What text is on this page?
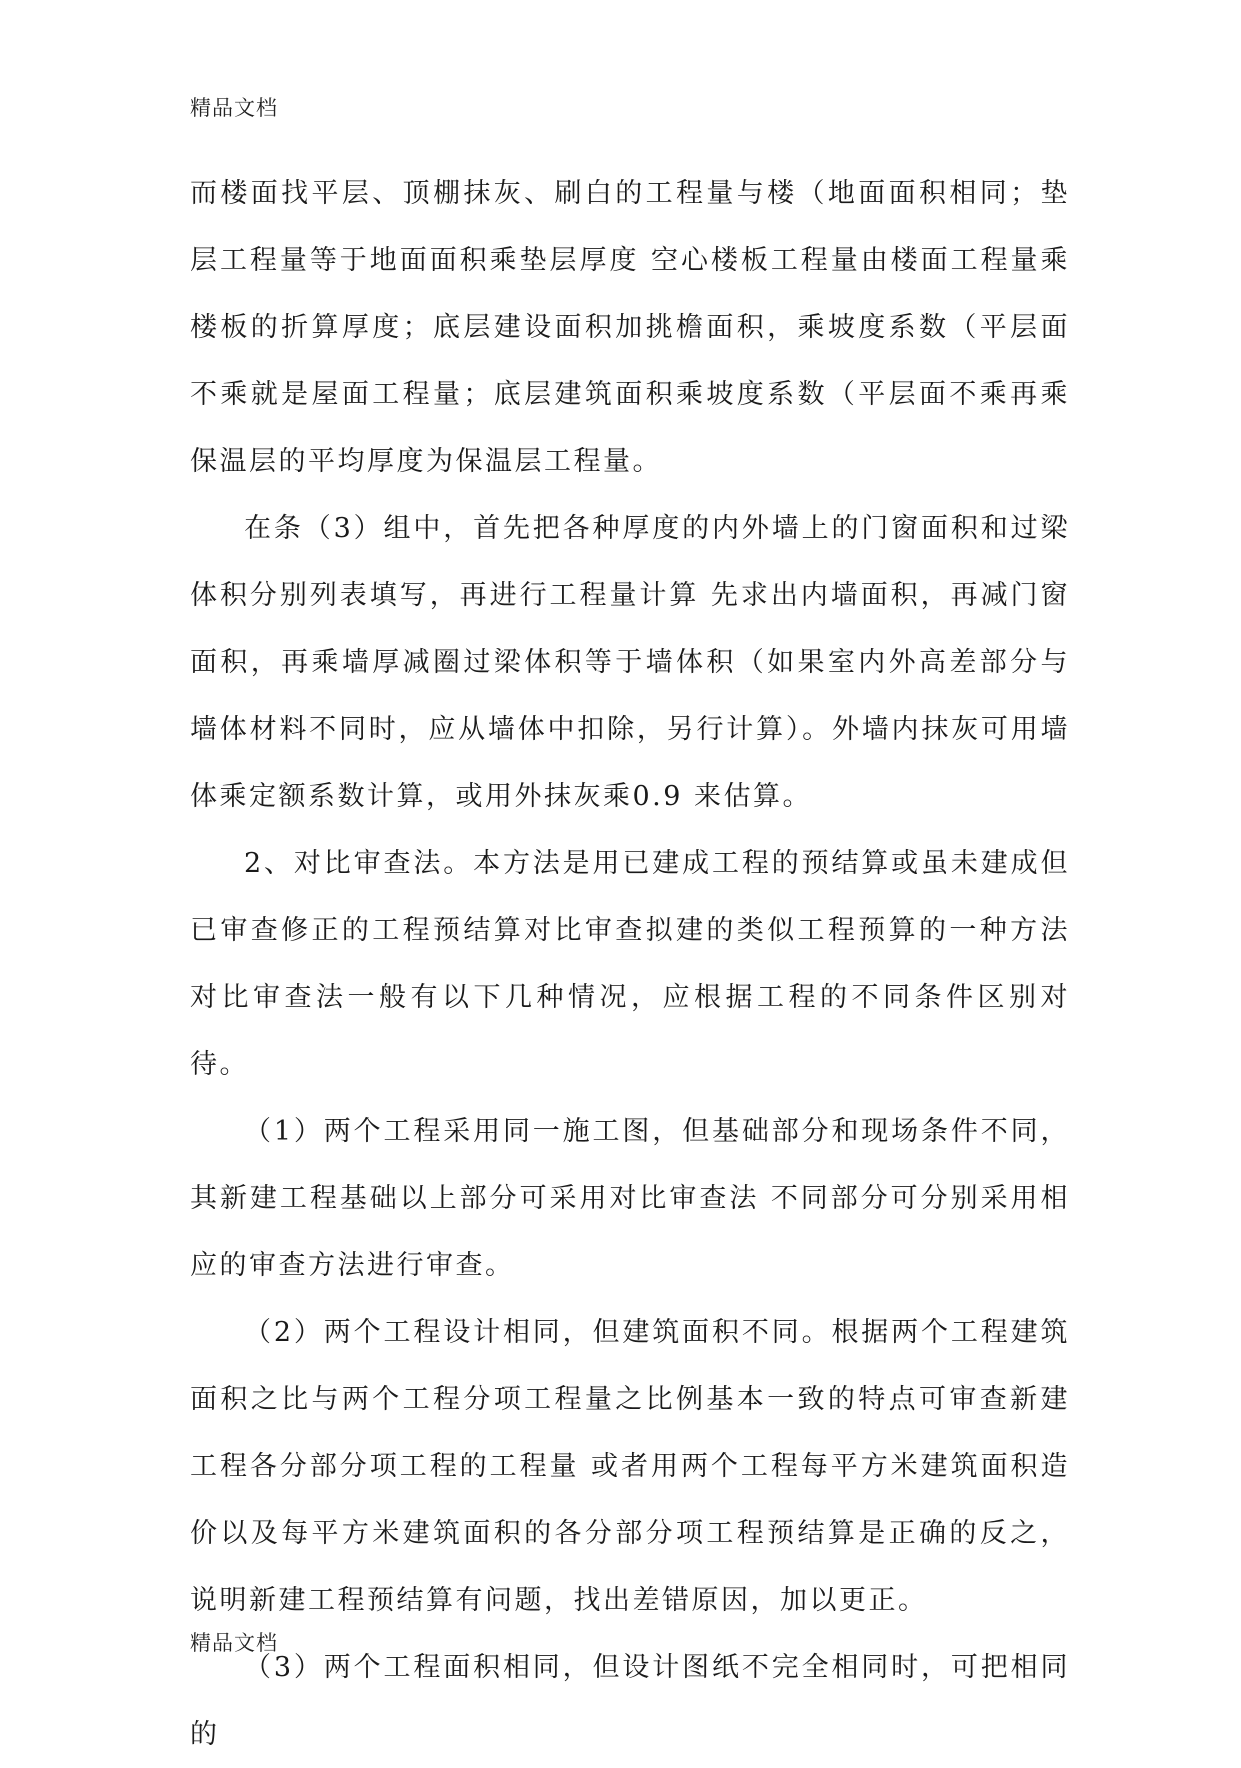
精品文档

而楼面找平层、顶棚抹灰、刷白的工程量与楼（地面面积相同；垫层工程量等于地面面积乘垫层厚度 空心楼板工程量由楼面工程量乘楼板的折算厚度；底层建设面积加挑檐面积，乘坡度系数（平层面不乘就是屋面工程量；底层建筑面积乘坡度系数（平层面不乘再乘保温层的平均厚度为保温层工程量。

在条（3）组中，首先把各种厚度的内外墙上的门窗面积和过梁体积分别列表填写，再进行工程量计算 先求出内墙面积，再减门窗面积，再乘墙厚减圈过梁体积等于墙体积（如果室内外高差部分与墙体材料不同时，应从墙体中扣除，另行计算）。外墙内抹灰可用墙体乘定额系数计算，或用外抹灰乘0.9 来估算。

2、对比审查法。本方法是用已建成工程的预结算或虽未建成但已审查修正的工程预结算对比审查拟建的类似工程预算的一种方法 对比审查法一般有以下几种情况，应根据工程的不同条件区别对待。

（1）两个工程采用同一施工图，但基础部分和现场条件不同，其新建工程基础以上部分可采用对比审查法 不同部分可分别采用相应的审查方法进行审查。

（2）两个工程设计相同，但建筑面积不同。根据两个工程建筑面积之比与两个工程分项工程量之比例基本一致的特点可审查新建工程各分部分项工程的工程量 或者用两个工程每平方米建筑面积造价以及每平方米建筑面积的各分部分项工程预结算是正确的反之，说明新建工程预结算有问题，找出差错原因，加以更正。

（3）两个工程面积相同，但设计图纸不完全相同时，可把相同的

精品文档
